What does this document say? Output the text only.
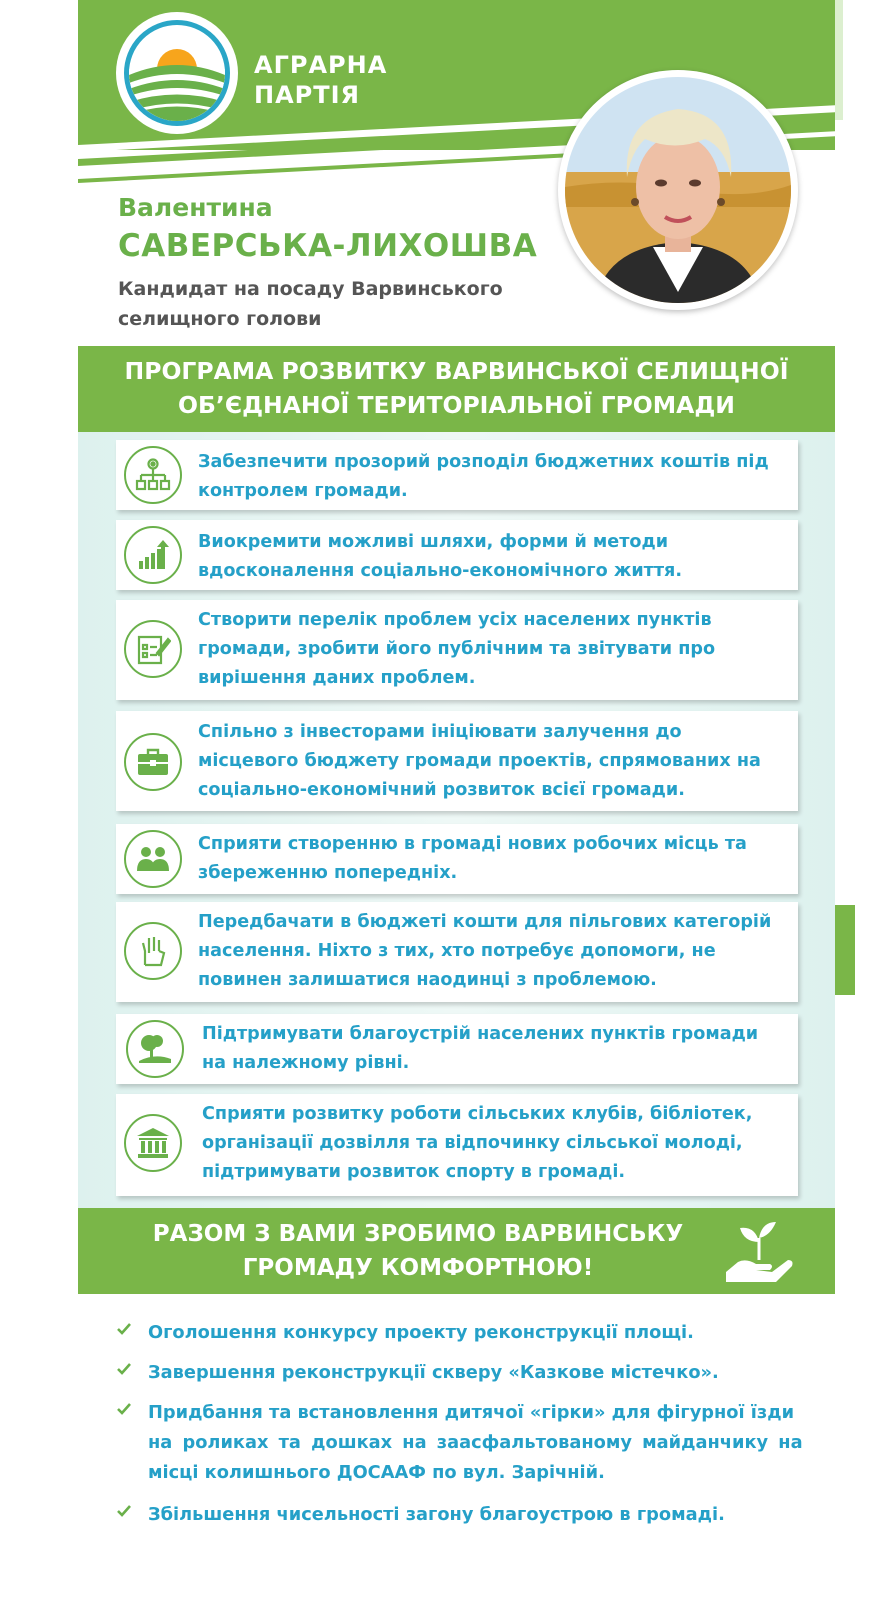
АГРАРНА
ПАРТІЯ
Валентина
САВЕРСЬКА-ЛИХОШВА
Кандидат на посаду Варвинського
селищного голови
ПРОГРАМА РОЗВИТКУ ВАРВИНСЬКОЇ СЕЛИЩНОЇ
ОБ’ЄДНАНОЇ ТЕРИТОРІАЛЬНОЇ ГРОМАДИ
Забезпечити прозорий розподіл бюджетних коштів під
контролем громади.
Виокремити можливі шляхи, форми й методи
вдосконалення соціально-економічного життя.
Створити перелік проблем усіх населених пунктів
громади, зробити його публічним та звітувати про
вирішення даних проблем.
Спільно з інвесторами ініціювати залучення до
місцевого бюджету громади проектів, спрямованих на
соціально-економічний розвиток всієї громади.
Сприяти створенню в громаді нових робочих місць та
збереженню попередніх.
Передбачати в бюджеті кошти для пільгових категорій
населення. Ніхто з тих, хто потребує допомоги, не
повинен залишатися наодинці з проблемою.
Підтримувати благоустрій населених пунктів громади
на належному рівні.
Сприяти розвитку роботи сільських клубів, бібліотек,
організації дозвілля та відпочинку сільської молоді,
підтримувати розвиток спорту в громаді.
РАЗОМ З ВАМИ ЗРОБИМО ВАРВИНСЬКУ
ГРОМАДУ КОМФОРТНОЮ!
Оголошення конкурсу проекту реконструкції площі.
Завершення реконструкції скверу «Казкове містечко».
Придбання та встановлення дитячої «гірки» для фігурної їзди
на роликах та дошках на заасфальтованому майданчику на
місці колишнього ДОСААФ по вул. Зарічній.
Збільшення чисельності загону благоустрою в громаді.
